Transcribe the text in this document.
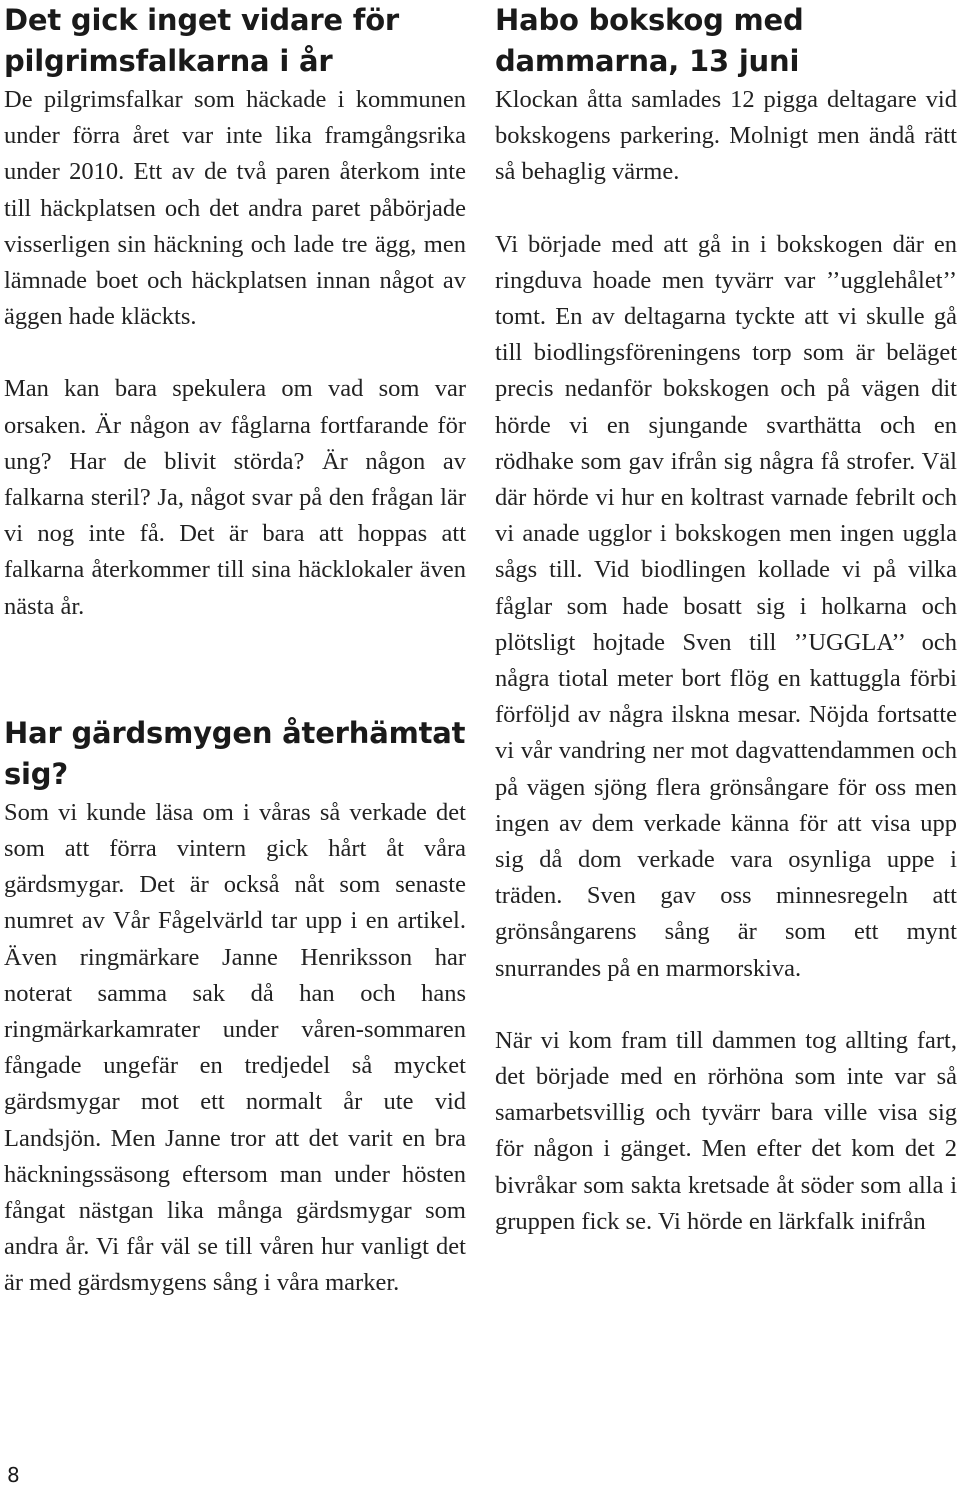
Det gick inget vidare för pilgrimsfalkarna i år

De pilgrimsfalkar som häckade i kommunen under förra året var inte lika framgångsrika under 2010. Ett av de två paren återkom inte till häckplatsen och det andra paret påbörjade visserligen sin häckning och lade tre ägg, men lämnade boet och häckplatsen innan något av äggen hade kläckts.

Man kan bara spekulera om vad som var orsaken. Är någon av fåglarna fortfarande för ung? Har de blivit störda? Är någon av falkarna steril? Ja, något svar på den frågan lär vi nog inte få. Det är bara att hoppas att falkarna återkommer till sina häcklokaler även nästa år.

Har gärdsmygen återhämtat sig?

Som vi kunde läsa om i våras så verkade det som att förra vintern gick hårt åt våra gärdsmygar. Det är också nåt som senaste numret av Vår Fågelvärld tar upp i en artikel. Även ringmärkare Janne Henriksson har noterat samma sak då han och hans ringmärkarkamrater under våren-sommaren fångade ungefär en tredjedel så mycket gärdsmygar mot ett normalt år ute vid Landsjön. Men Janne tror att det varit en bra häckningssäsong eftersom man under hösten fångat nästgan lika många gärdsmygar som andra år. Vi får väl se till våren hur vanligt det är med gärdsmygens sång i våra marker.

Habo bokskog med dammarna, 13 juni

Klockan åtta samlades 12 pigga deltagare vid bokskogens parkering. Molnigt men ändå rätt så behaglig värme.

Vi började med att gå in i bokskogen där en ringduva hoade men tyvärr var ’’ugglehålet’’ tomt. En av deltagarna tyckte att vi skulle gå till biodlingsföreningens torp som är beläget precis nedanför bokskogen och på vägen dit hörde vi en sjungande svarthätta och en rödhake som gav ifrån sig några få strofer. Väl där hörde vi hur en koltrast varnade febrilt och vi anade ugglor i bokskogen men ingen uggla sågs till. Vid biodlingen kollade vi på vilka fåglar som hade bosatt sig i holkarna och plötsligt hojtade Sven till ’’UGGLA’’ och några tiotal meter bort flög en kattuggla förbi förföljd av några ilskna mesar. Nöjda fortsatte vi vår vandring ner mot dagvattendammen och på vägen sjöng flera grönsångare för oss men ingen av dem verkade känna för att visa upp sig då dom verkade vara osynliga uppe i träden. Sven gav oss minnesregeln att grönsångarens sång är som ett mynt snurrandes på en marmorskiva.

När vi kom fram till dammen tog allting fart, det började med en rörhöna som inte var så samarbetsvillig och tyvärr bara ville visa sig för någon i gänget. Men efter det kom det 2 bivråkar som sakta kretsade åt söder som alla i gruppen fick se. Vi hörde en lärkfalk inifrån

8
